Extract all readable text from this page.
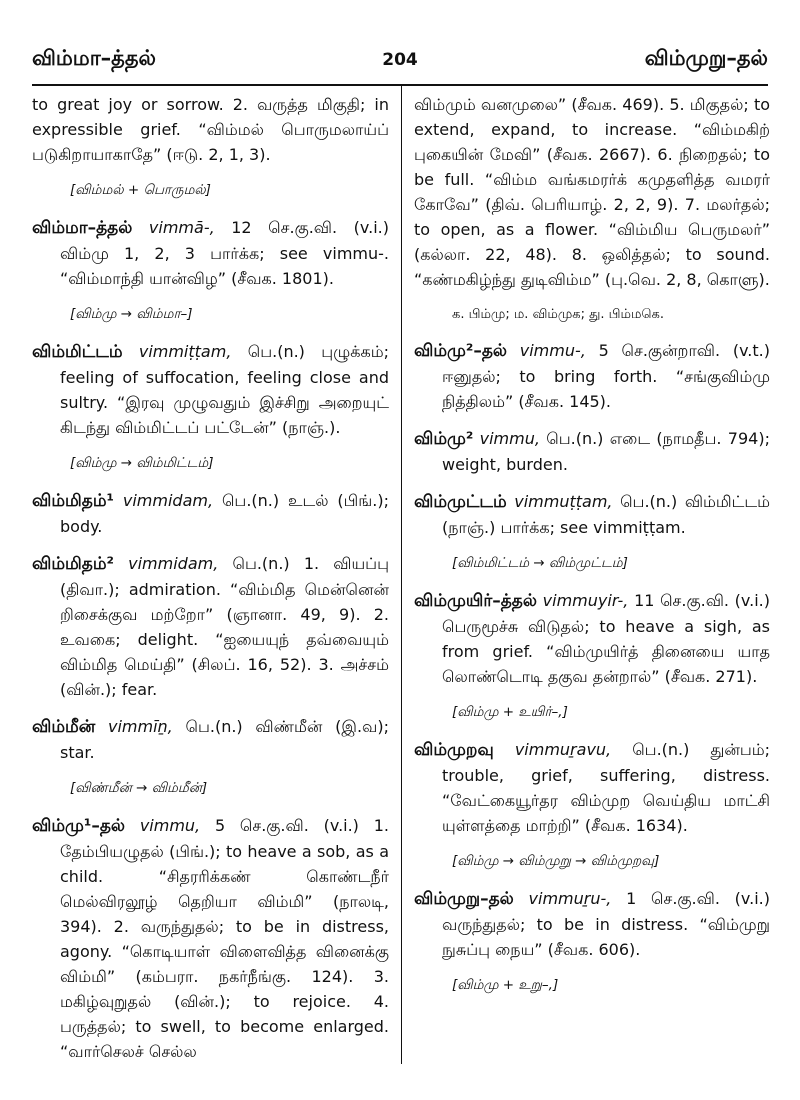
விம்மா–த்தல்	204	விம்முறு–தல்

to great joy or sorrow. 2. வருத்த மிகுதி; in expressible grief. “விம்மல் பொருமலாய்ப் படுகிறாயாகாதே” (ஈடு. 2, 1, 3).

[விம்மல் + பொருமல்]

விம்மா–த்தல் vimmā-, 12 செ.கு.வி. (v.i.) விம்மு 1, 2, 3 பார்க்க; see vimmu-. “விம்மாந்தி யான்விழ” (சீவக. 1801).

[விம்மு → விம்மா–]

விம்மிட்டம் vimmiṭṭam, பெ.(n.) புழுக்கம்; feeling of suffocation, feeling close and sultry. “இரவு முழுவதும் இச்சிறு அறையுட் கிடந்து விம்மிட்டப் பட்டேன்” (நாஞ்.).

[விம்மு → விம்மிட்டம்]

விம்மிதம்¹ vimmidam, பெ.(n.) உடல் (பிங்.); body.

விம்மிதம்² vimmidam, பெ.(n.) 1. வியப்பு (திவா.); admiration. “விம்மித மென்னென் றிசைக்குவ மற்றோ” (ஞானா. 49, 9). 2. உவகை; delight. “ஐயையுந் தவ்வையும் விம்மித மெய்தி” (சிலப். 16, 52). 3. அச்சம் (வின்.); fear.

விம்மீன் vimmīṉ, பெ.(n.) விண்மீன் (இ.வ); star.

[விண்மீன் → விம்மீன்]

விம்மு¹–தல் vimmu, 5 செ.கு.வி. (v.i.) 1. தேம்பியழுதல் (பிங்.); to heave a sob, as a child. “சிதரரிக்கண் கொண்டநீர் மெல்விரலூழ் தெறியா விம்மி” (நாலடி, 394). 2. வருந்துதல்; to be in distress, agony. “கொடியாள் விளைவித்த வினைக்கு விம்மி” (கம்பரா. நகர்நீங்கு. 124). 3. மகிழ்வுறுதல் (வின்.); to rejoice. 4. பருத்தல்; to swell, to become enlarged. “வார்செலச் செல்ல

விம்மும் வனமுலை” (சீவக. 469). 5. மிகுதல்; to extend, expand, to increase. “விம்மகிற் புகையின் மேவி” (சீவக. 2667). 6. நிறைதல்; to be full. “விம்ம வங்கமரர்க் கமுதளித்த வமரர் கோவே” (திவ். பெரியாழ். 2, 2, 9). 7. மலர்தல்; to open, as a flower. “விம்மிய பெருமலர்” (கல்லா. 22, 48). 8. ஒலித்தல்; to sound. “கண்மகிழ்ந்து துடிவிம்ம” (பு.வெ. 2, 8, கொளு).

க. பிம்மு; ம. விம்முக; து. பிம்மகெ.

விம்மு²–தல் vimmu-, 5 செ.குன்றாவி. (v.t.) ஈனுதல்; to bring forth. “சங்குவிம்மு நித்திலம்” (சீவக. 145).

விம்மு² vimmu, பெ.(n.) எடை (நாமதீப. 794); weight, burden.

விம்முட்டம் vimmuṭṭam, பெ.(n.) விம்மிட்டம் (நாஞ்.) பார்க்க; see vimmiṭṭam.

[விம்மிட்டம் → விம்முட்டம்]

விம்முயிர்–த்தல் vimmuyir-, 11 செ.கு.வி. (v.i.) பெருமூச்சு விடுதல்; to heave a sigh, as from grief. “விம்முயிர்த் தினையை யாத லொண்டொடி தகுவ தன்றால்” (சீவக. 271).

[விம்மு + உயிர்–,]

விம்முறவு vimmuṟavu, பெ.(n.) துன்பம்; trouble, grief, suffering, distress. “வேட்கையூர்தர விம்முற வெய்திய மாட்சி யுள்ளத்தை மாற்றி” (சீவக. 1634).

[விம்மு → விம்முறு → விம்முறவு]

விம்முறு–தல் vimmuṟu-, 1 செ.கு.வி. (v.i.) வருந்துதல்; to be in distress. “விம்முறு நுசுப்பு நைய” (சீவக. 606).

[விம்மு + உறு–,]
